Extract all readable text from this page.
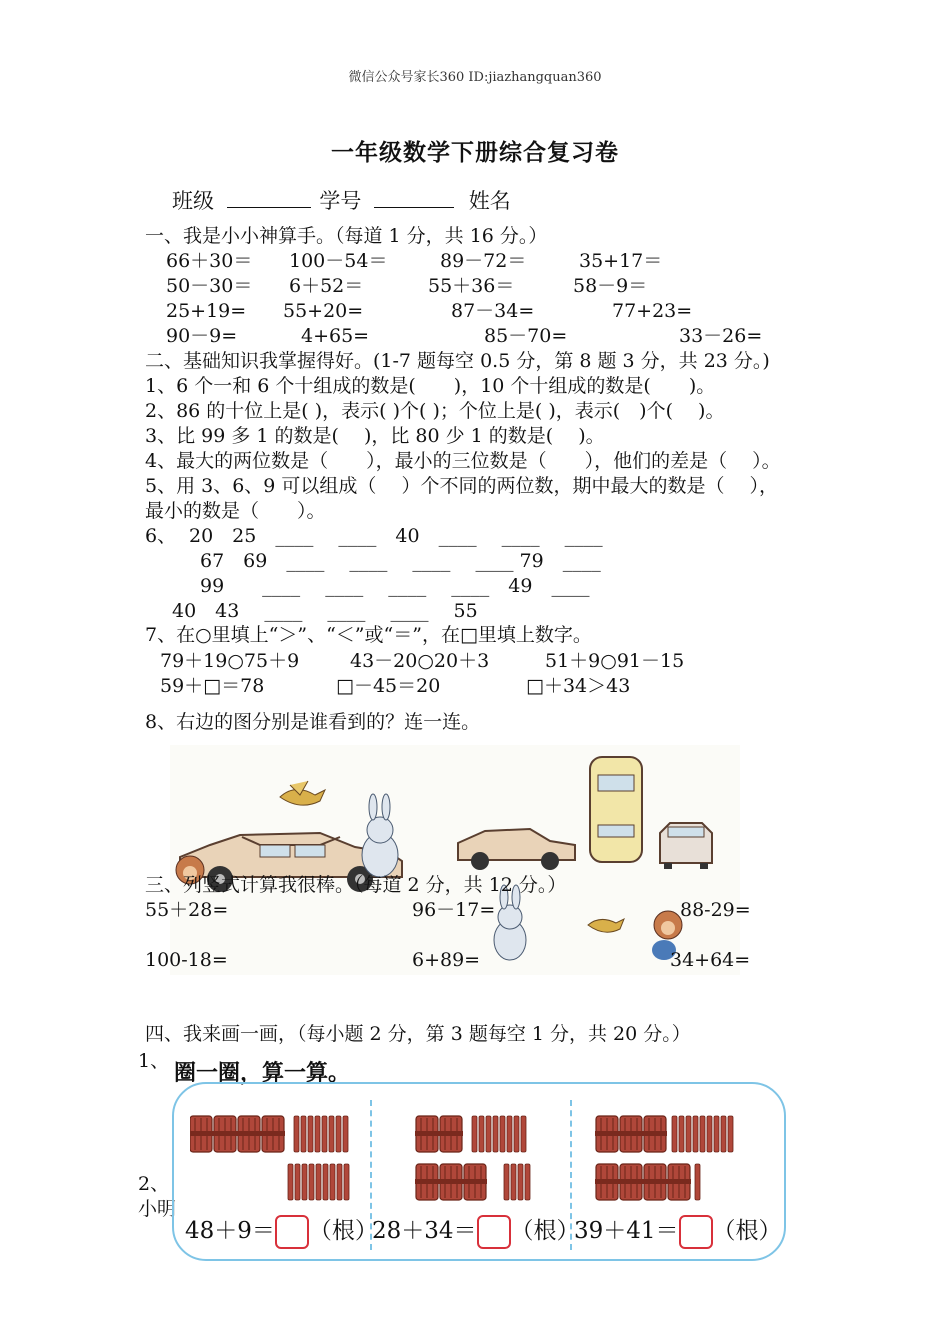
微信公众号家长360 ID:jiazhangquan360
一年级数学下册综合复习卷
班级	学号	姓名
一、我是小小神算手。（每道 1 分，共 16 分。）
66＋30＝ 100－54＝	89－72＝	35+17＝
50－30＝ 6＋52＝	55＋36＝	58－9＝
25+19= 55+20=	87－34=	77+23=
90－9=	4+65=	85－70=	33－26=
二、基础知识我掌握得好。(1-7 题每空 0.5 分，第 8 题 3 分，共 23 分。)
1、6 个一和 6 个十组成的数是(　　)，10 个十组成的数是(　　)。
2、86 的十位上是( )，表示( )个( )；个位上是( )，表示(　)个(　 )。
3、比 99 多 1 的数是(　 )，比 80 少 1 的数是(　 )。
4、最大的两位数是（　　），最小的三位数是（　　），他们的差是（　 ）。
5、用 3、6、9 可以组成（　 ）个不同的两位数，期中最大的数是（　 ），
最小的数是（　　）。
6、 20　25　____　 ____　40　____　 ____　 ____
67　69　____　 ____　 ____　 ____ 79　____
99　　____　 ____　 ____　 ____　49　____
40　43　 ____　 ____　 ____　 55
7、在○里填上“＞”、“＜”或“＝”，在□里填上数字。
79＋19○75＋9	43－20○20＋3	51＋9○91－15
59＋□＝78	□－45＝20	□＋34＞43
8、右边的图分别是谁看到的？连一连。
三、列竖式计算我很棒。（每道 2 分，共 12 分。）
55＋28=	96－17=	88-29=
100-18=	6+89=	34+64=
四、我来画一画，（每小题 2 分，第 3 题每空 1 分，共 20 分。）
1、
2、
小明
圈一圈，算一算。
48＋9＝ （根）
28＋34＝ （根）
39＋41＝ （根）
